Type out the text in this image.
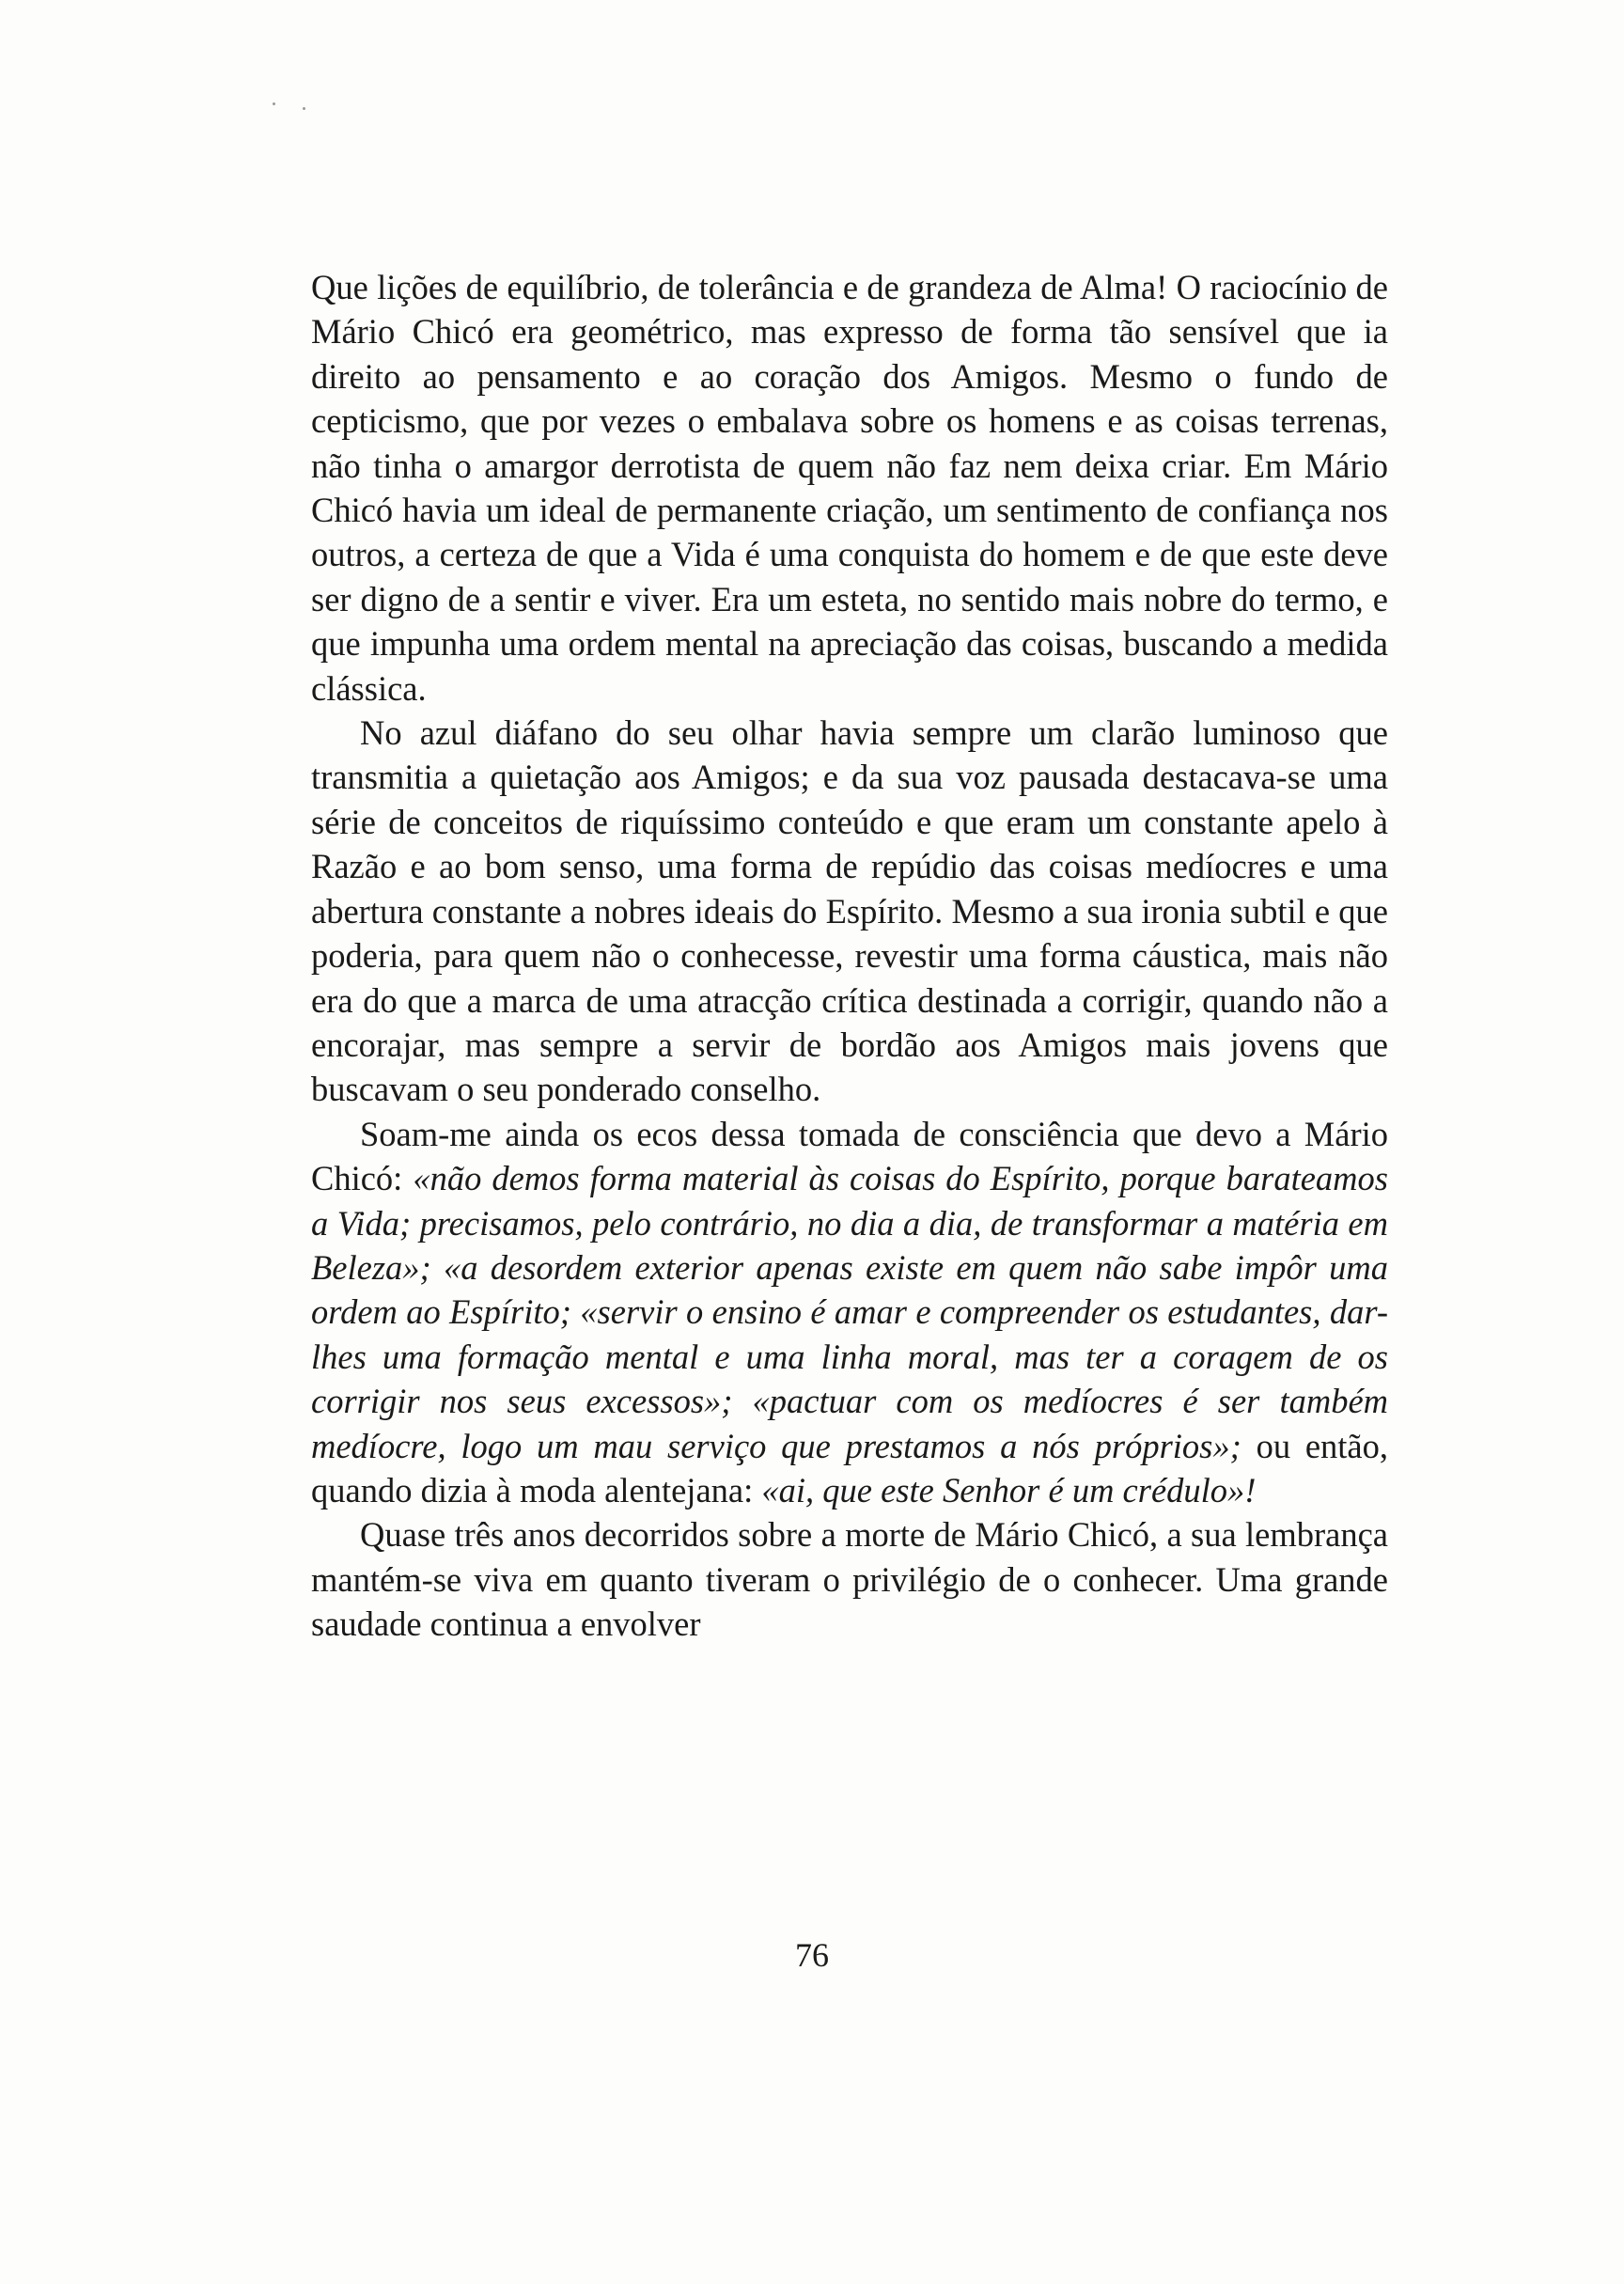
Que lições de equilíbrio, de tolerância e de grandeza de Alma! O raciocínio de Mário Chicó era geométrico, mas expresso de forma tão sensível que ia direito ao pensamento e ao coração dos Amigos. Mesmo o fundo de cepticismo, que por vezes o embalava sobre os homens e as coisas terrenas, não tinha o amargor derrotista de quem não faz nem deixa criar. Em Mário Chicó havia um ideal de permanente criação, um sentimento de confiança nos outros, a certeza de que a Vida é uma conquista do homem e de que este deve ser digno de a sentir e viver. Era um esteta, no sentido mais nobre do termo, e que impunha uma ordem mental na apreciação das coisas, buscando a medida clássica.

No azul diáfano do seu olhar havia sempre um clarão luminoso que transmitia a quietação aos Amigos; e da sua voz pausada destacava-se uma série de conceitos de riquíssimo conteúdo e que eram um constante apelo à Razão e ao bom senso, uma forma de repúdio das coisas medíocres e uma abertura constante a nobres ideais do Espírito. Mesmo a sua ironia subtil e que poderia, para quem não o conhecesse, revestir uma forma cáustica, mais não era do que a marca de uma atracção crítica destinada a corrigir, quando não a encorajar, mas sempre a servir de bordão aos Amigos mais jovens que buscavam o seu ponderado conselho.

Soam-me ainda os ecos dessa tomada de consciência que devo a Mário Chicó: «não demos forma material às coisas do Espírito, porque barateamos a Vida; precisamos, pelo contrário, no dia a dia, de transformar a matéria em Beleza»; «a desordem exterior apenas existe em quem não sabe impôr uma ordem ao Espírito; «servir o ensino é amar e compreender os estudantes, dar-lhes uma formação mental e uma linha moral, mas ter a coragem de os corrigir nos seus excessos»; «pactuar com os medíocres é ser também medíocre, logo um mau serviço que prestamos a nós próprios»; ou então, quando dizia à moda alentejana: «ai, que este Senhor é um crédulo»!

Quase três anos decorridos sobre a morte de Mário Chicó, a sua lembrança mantém-se viva em quanto tiveram o privilégio de o conhecer. Uma grande saudade continua a envolver

76
